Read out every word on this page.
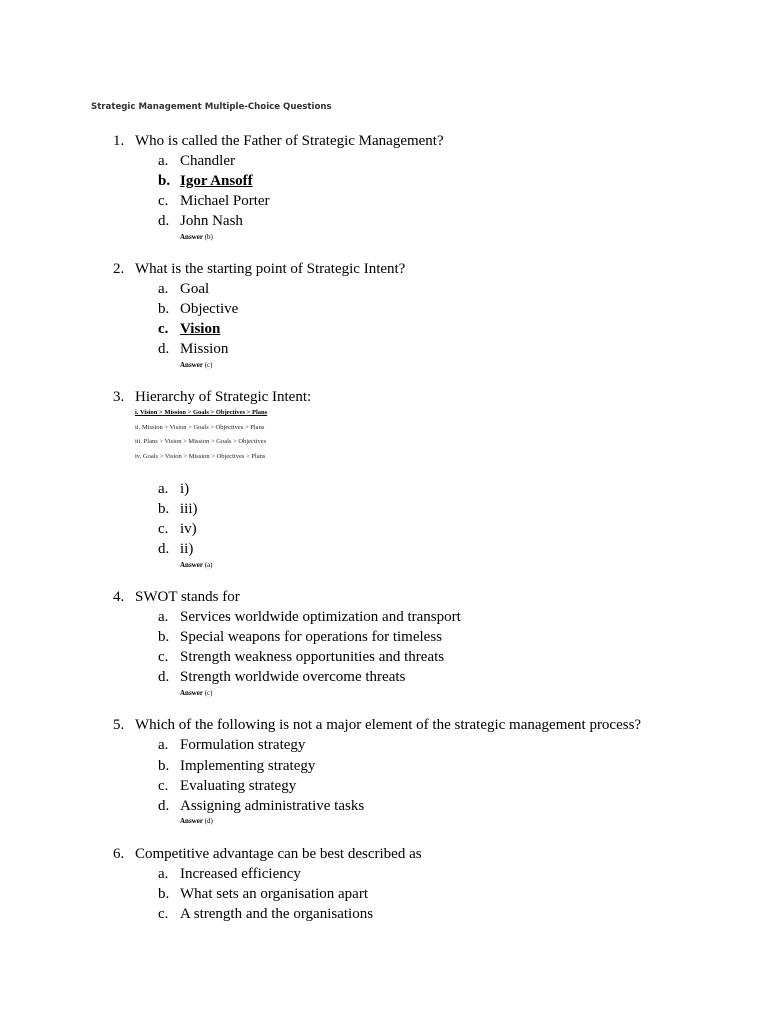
Strategic Management Multiple-Choice Questions
1. Who is called the Father of Strategic Management?
a. Chandler
b. Igor Ansoff
c. Michael Porter
d. John Nash
Answer (b)
2. What is the starting point of Strategic Intent?
a. Goal
b. Objective
c. Vision
d. Mission
Answer (c)
3. Hierarchy of Strategic Intent:
i. Vision > Mission > Goals > Objectives > Plans
ii. Mission > Vision > Goals > Objectives > Plans
iii. Plans > Vision > Mission > Goals > Objectives
iv. Goals > Vision > Mission > Objectives > Plans
a. i)
b. iii)
c. iv)
d. ii)
Answer (a)
4. SWOT stands for
a. Services worldwide optimization and transport
b. Special weapons for operations for timeless
c. Strength weakness opportunities and threats
d. Strength worldwide overcome threats
Answer (c)
5. Which of the following is not a major element of the strategic management process?
a. Formulation strategy
b. Implementing strategy
c. Evaluating strategy
d. Assigning administrative tasks
Answer (d)
6. Competitive advantage can be best described as
a. Increased efficiency
b. What sets an organisation apart
c. A strength and the organisations
